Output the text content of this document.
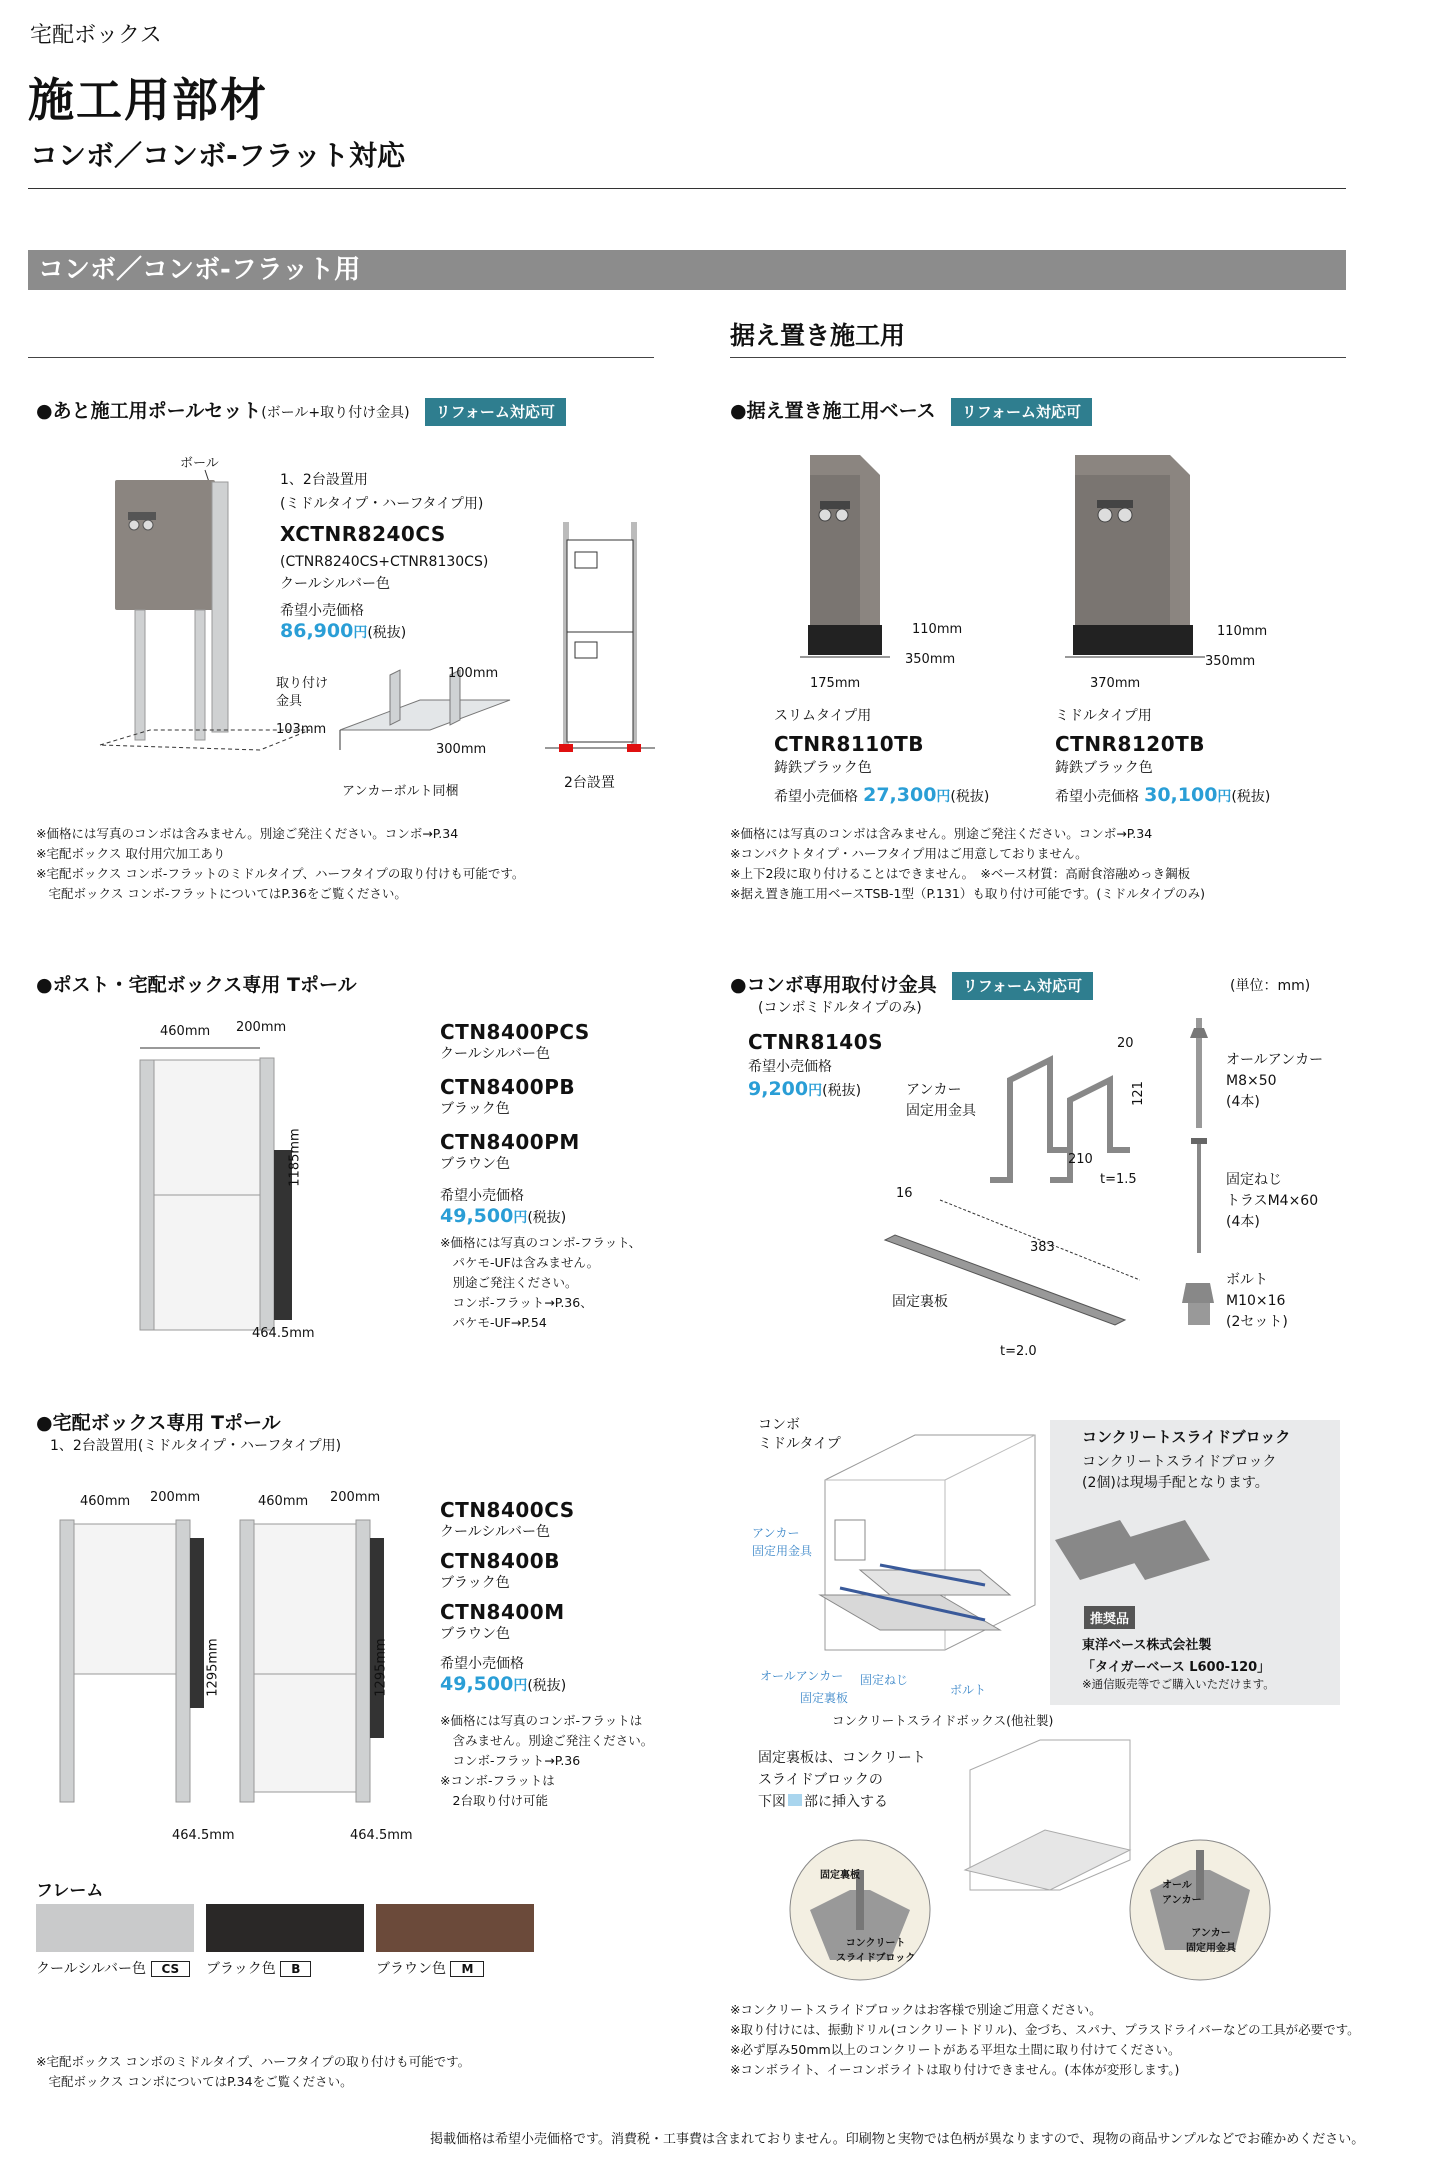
宅配ボックス
施工用部材
コンボ／コンボ-フラット対応
コンボ／コンボ-フラット用
据え置き施工用
●あと施工用ポールセット(ボール+取り付け金具) リフォーム対応可
ボール
1、2台設置用
(ミドルタイプ・ハーフタイプ用)
XCTNR8240CS
(CTNR8240CS+CTNR8130CS)
クールシルバー色
希望小売価格
86,900円(税抜)
取り付け
金具
100mm
103mm
300mm
アンカーボルト同梱
2台設置
※価格には写真のコンボは含みません。別途ご発注ください。コンボ→P.34
※宅配ボックス 取付用穴加工あり
※宅配ボックス コンボ-フラットのミドルタイプ、ハーフタイプの取り付けも可能です。
　宅配ボックス コンボ-フラットについてはP.36をご覧ください。
●据え置き施工用ベース リフォーム対応可
110mm
350mm
175mm
スリムタイプ用
CTNR8110TB
鋳鉄ブラック色
希望小売価格 27,300円(税抜)
110mm
350mm
370mm
ミドルタイプ用
CTNR8120TB
鋳鉄ブラック色
希望小売価格 30,100円(税抜)
※価格には写真のコンボは含みません。別途ご発注ください。コンボ→P.34
※コンパクトタイプ・ハーフタイプ用はご用意しておりません。
※上下2段に取り付けることはできません。　※ベース材質：高耐食溶融めっき鋼板
※据え置き施工用ベースTSB-1型（P.131）も取り付け可能です。(ミドルタイプのみ)
●ポスト・宅配ボックス専用 Tポール
460mm 200mm
1185mm
464.5mm
CTN8400PCS
クールシルバー色
CTN8400PB
ブラック色
CTN8400PM
ブラウン色
希望小売価格
49,500円(税抜)
※価格には写真のコンボ-フラット、
　パケモ-UFは含みません。
　別途ご発注ください。
　コンボ-フラット→P.36、
　パケモ-UF→P.54
●コンボ専用取付け金具 リフォーム対応可
(コンボミドルタイプのみ)
(単位：mm)
CTNR8140S
希望小売価格
9,200円(税抜)	アンカー
固定用金具
20
121
210
t=1.5
16
383
固定裏板
t=2.0
オールアンカー
M8×50
(4本)
固定ねじ
トラスM4×60
(4本)
ボルト
M10×16
(2セット)
●宅配ボックス専用 Tポール
1、2台設置用(ミドルタイプ・ハーフタイプ用)
460mm 200mm	460mm 200mm
1295mm	1295mm
464.5mm	464.5mm
CTN8400CS
クールシルバー色
CTN8400B
ブラック色
CTN8400M
ブラウン色
希望小売価格
49,500円(税抜)
※価格には写真のコンボ-フラットは
　含みません。別途ご発注ください。
　コンボ-フラット→P.36
※コンボ-フラットは
　2台取り付け可能
フレーム
クールシルバー色 CS	ブラック色 B	ブラウン色 M
※宅配ボックス コンボのミドルタイプ、ハーフタイプの取り付けも可能です。
　宅配ボックス コンボについてはP.34をご覧ください。
コンボ
ミドルタイプ
アンカー
固定用金具
オールアンカー 固定ねじ
固定裏板
ボルト
コンクリートスライドボックス(他社製)
コンクリートスライドブロック
コンクリートスライドブロック
(2個)は現場手配となります。
推奨品
東洋ベース株式会社製
「タイガーベース L600-120」
※通信販売等でご購入いただけます。
固定裏板は、コンクリート
スライドブロックの
下図 部に挿入する
固定裏板
コンクリート
スライドブロック
オール
アンカー
アンカー
固定用金具
※コンクリートスライドブロックはお客様で別途ご用意ください。
※取り付けには、振動ドリル(コンクリートドリル)、金づち、スパナ、プラスドライバーなどの工具が必要です。
※必ず厚み50mm以上のコンクリートがある平坦な土間に取り付けてください。
※コンボライト、イーコンボライトは取り付けできません。(本体が変形します。)
掲載価格は希望小売価格です。消費税・工事費は含まれておりません。印刷物と実物では色柄が異なりますので、現物の商品サンプルなどでお確かめください。
